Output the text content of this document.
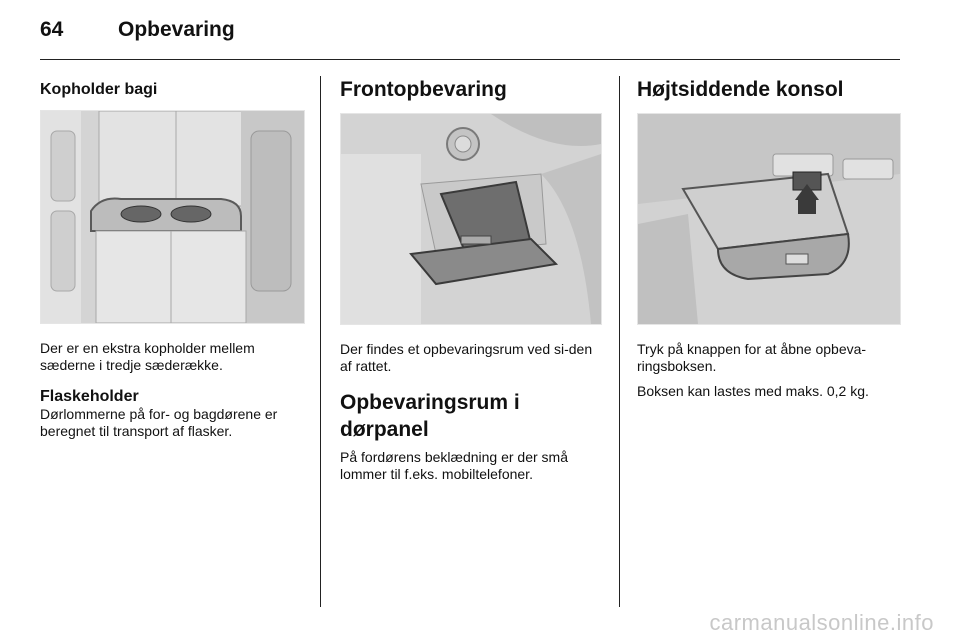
64	Opbevaring

Kopholder bagi

Der er en ekstra kopholder mellem sæderne i tredje sæderække.

Flaskeholder

Dørlommerne på for- og bagdørene er beregnet til transport af flasker.

Frontopbevaring

Der findes et opbevaringsrum ved si-den af rattet.

Opbevaringsrum i

dørpanel

På fordørens beklædning er der små lommer til f.eks. mobiltelefoner.

Højtsiddende konsol

Tryk på knappen for at åbne opbeva-ringsboksen.

Boksen kan lastes med maks. 0,2 kg.

carmanualsonline.info
